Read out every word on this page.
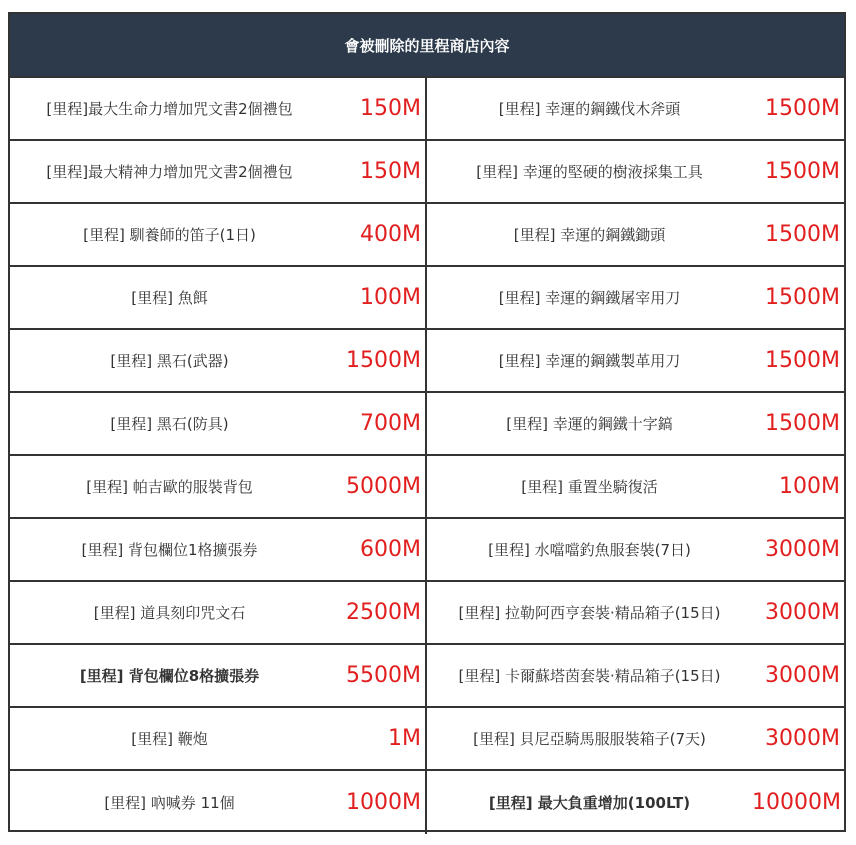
會被刪除的里程商店內容
[里程]最大生命力增加咒文書2個禮包	150M	[里程] 幸運的鋼鐵伐木斧頭	1500M
[里程]最大精神力增加咒文書2個禮包	150M	[里程] 幸運的堅硬的樹液採集工具	1500M
[里程] 馴養師的笛子(1日)	400M	[里程] 幸運的鋼鐵鋤頭	1500M
[里程] 魚餌	100M	[里程] 幸運的鋼鐵屠宰用刀	1500M
[里程] 黑石(武器)	1500M	[里程] 幸運的鋼鐵製革用刀	1500M
[里程] 黑石(防具)	700M	[里程] 幸運的鋼鐵十字鎬	1500M
[里程] 帕吉歐的服裝背包	5000M	[里程] 重置坐騎復活	100M
[里程] 背包欄位1格擴張券	600M	[里程] 水噹噹釣魚服套裝(7日)	3000M
[里程] 道具刻印咒文石	2500M	[里程] 拉勒阿西亨套裝‧精品箱子(15日)	3000M
[里程] 背包欄位8格擴張券	5500M	[里程] 卡爾蘇塔茵套裝‧精品箱子(15日)	3000M
[里程] 鞭炮	1M	[里程] 貝尼亞騎馬服服裝箱子(7天)	3000M
[里程] 吶喊券 11個	1000M	[里程] 最大負重增加(100LT)	10000M
